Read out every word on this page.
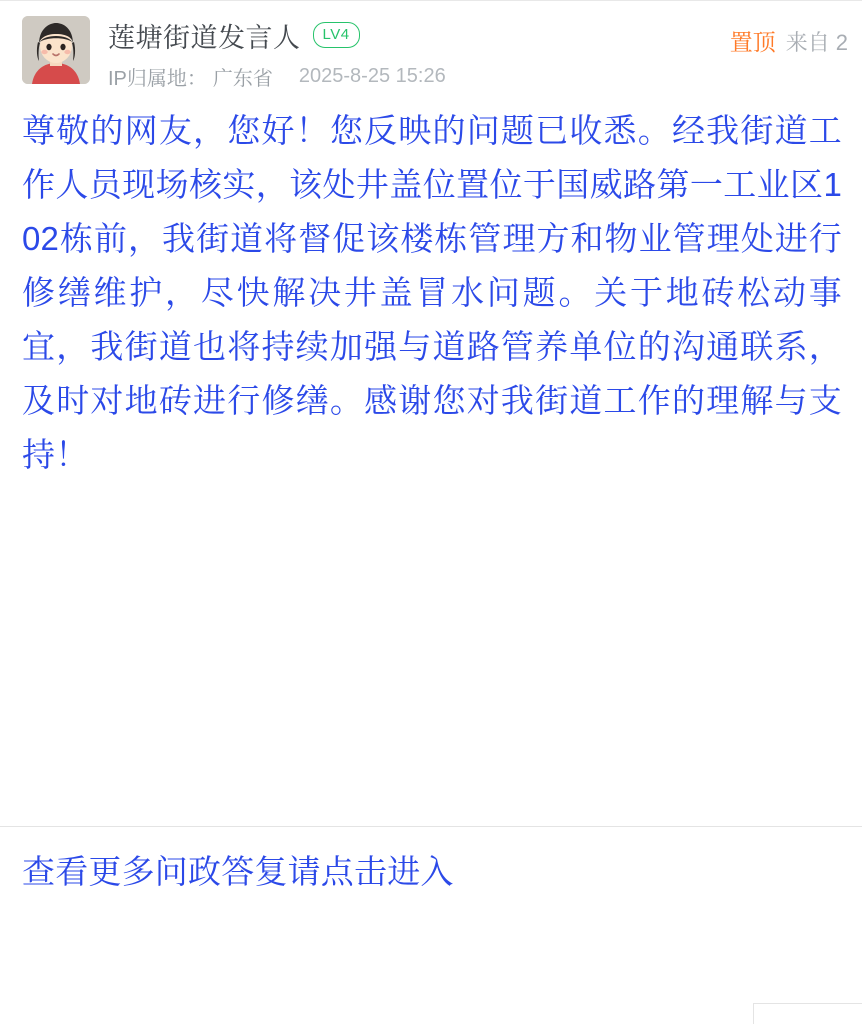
莲塘街道发言人	LV4
IP归属地： 广东省 2025-8-25 15:26
置顶 来自 2
尊敬的网友，您好！您反映的问题已收悉。经我街道工作人员现场核实，该处井盖位置位于国威路第一工业区102栋前，我街道将督促该楼栋管理方和物业管理处进行修缮维护，尽快解决井盖冒水问题。关于地砖松动事宜，我街道也将持续加强与道路管养单位的沟通联系，及时对地砖进行修缮。感谢您对我街道工作的理解与支持！
查看更多问政答复请点击进入
